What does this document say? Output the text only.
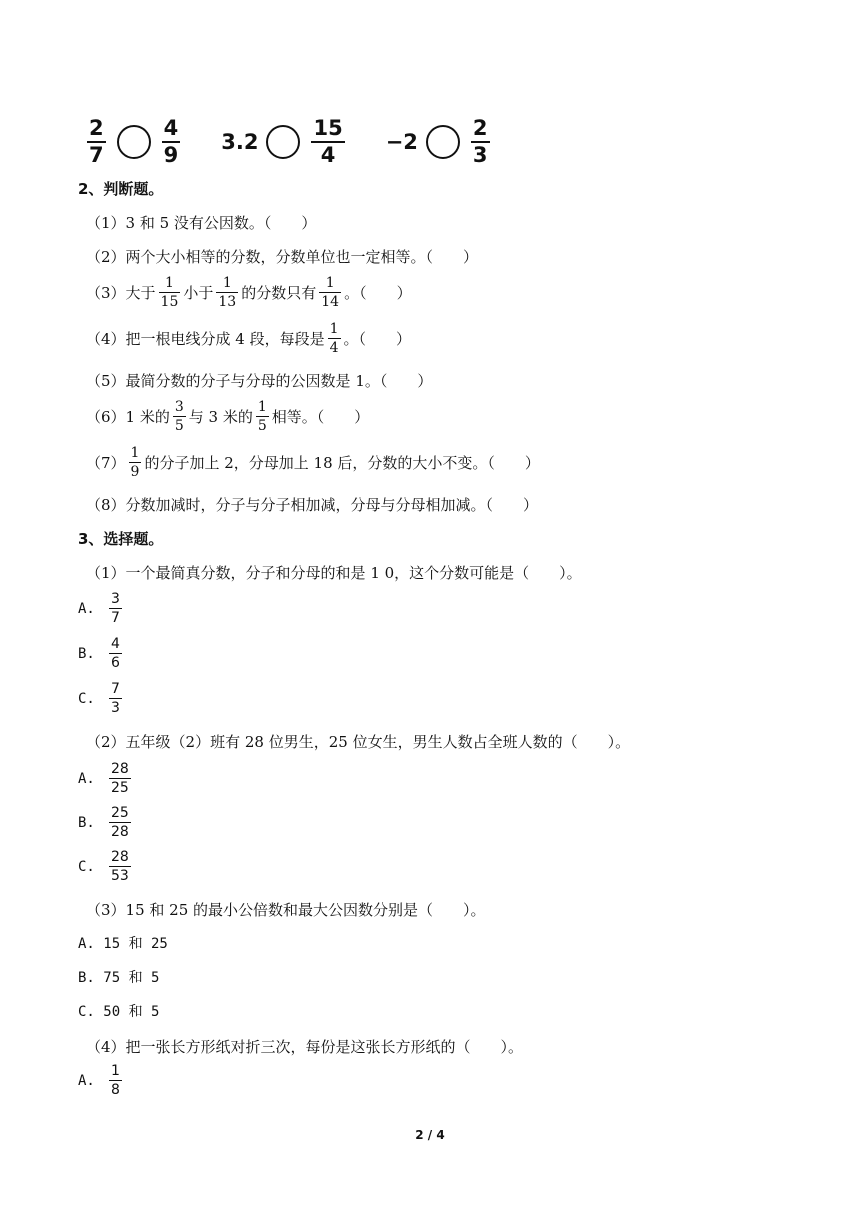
$\frac{2}{7}$	$\frac{4}{9} 3.2$	$\frac{15}{4} -2$	$\frac{2}{3}$
2、判断题。
（1）3 和 5 没有公因数。（　　）
（2）两个大小相等的分数，分数单位也一定相等。（　　）
（3）大于 $\frac{1}{15}$ 小于 $\frac{1}{13}$ 的分数只有 $\frac{1}{14}$ 。（　　）
（4）把一根电线分成 4 段，每段是 $\frac{1}{4}$ 。（　　）
（5）最简分数的分子与分母的公因数是 1。（　　）
（6）1 米的 $\frac{3}{5}$ 与 3 米的 $\frac{1}{5}$ 相等。（　　）
$(7) \frac{1}{9}$ 的分子加上 2，分母加上 18 后，分数的大小不变。（　　）
（8）分数加减时，分子与分子相加减，分母与分母相加减。（　　）
3、选择题。
（1）一个最简真分数，分子和分母的和是 1 0，这个分数可能是（　　）。
A.	$\frac{3}{7}$
B.	$\frac{4}{6}$
C.	$\frac{7}{3}$
（2）五年级（2）班有 28 位男生，25 位女生，男生人数占全班人数的（　　）。
A.	$\frac{28}{25}$
B.	$\frac{25}{28}$
C.	$\frac{28}{53}$
（3）15 和 25 的最小公倍数和最大公因数分别是（　　）。
A. 15 和 25
B. 75 和 5
C. 50 和 5
（4）把一张长方形纸对折三次，每份是这张长方形纸的（　　）。
A.	$\frac{1}{8}$
2 / 4
